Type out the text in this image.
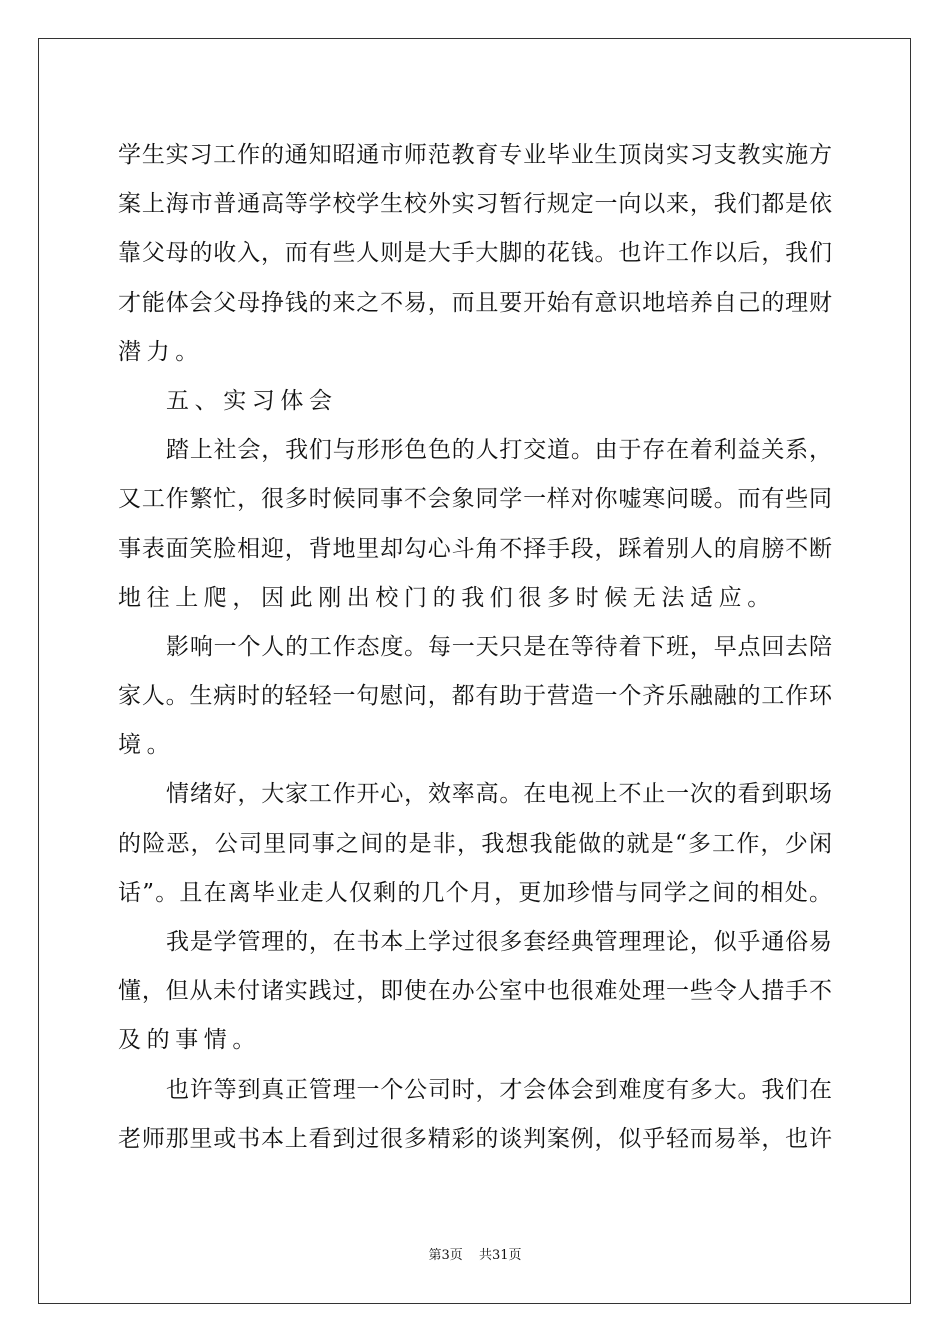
学生实习工作的通知昭通市师范教育专业毕业生顶岗实习支教实施方
案上海市普通高等学校学生校外实习暂行规定一向以来，我们都是依
靠父母的收入，而有些人则是大手大脚的花钱。也许工作以后，我们
才能体会父母挣钱的来之不易，而且要开始有意识地培养自己的理财
潜力。
五、实习体会
踏上社会，我们与形形色色的人打交道。由于存在着利益关系，
又工作繁忙，很多时候同事不会象同学一样对你嘘寒问暖。而有些同
事表面笑脸相迎，背地里却勾心斗角不择手段，踩着别人的肩膀不断
地往上爬，因此刚出校门的我们很多时候无法适应。
影响一个人的工作态度。每一天只是在等待着下班，早点回去陪
家人。生病时的轻轻一句慰问，都有助于营造一个齐乐融融的工作环
境。
情绪好，大家工作开心，效率高。在电视上不止一次的看到职场
的险恶，公司里同事之间的是非，我想我能做的就是“多工作，少闲
话”。且在离毕业走人仅剩的几个月，更加珍惜与同学之间的相处。
我是学管理的，在书本上学过很多套经典管理理论，似乎通俗易
懂，但从未付诸实践过，即使在办公室中也很难处理一些令人措手不
及的事情。
也许等到真正管理一个公司时，才会体会到难度有多大。我们在
老师那里或书本上看到过很多精彩的谈判案例，似乎轻而易举，也许
第3页 共31页
